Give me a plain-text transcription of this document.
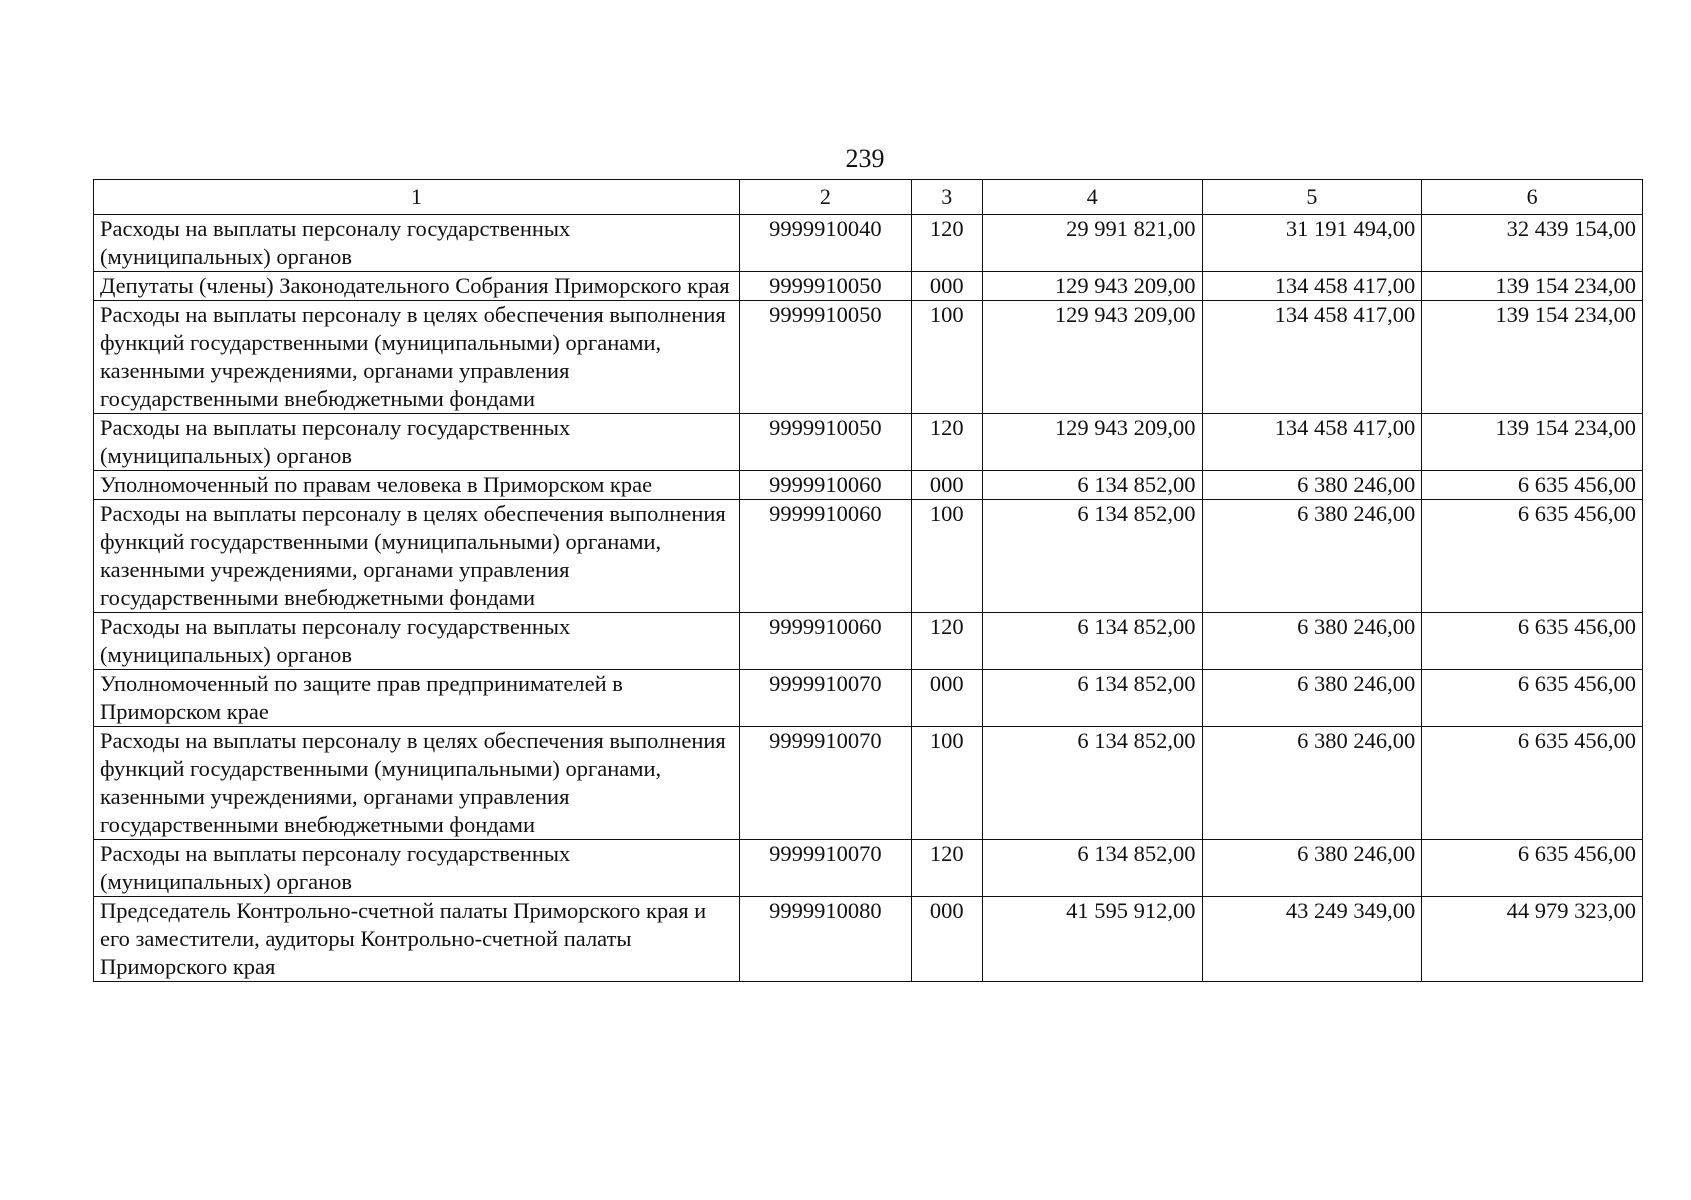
239
1	2	3	4	5	6
Расходы на выплаты персоналу государственных (муниципальных) органов	9999910040	120	29 991 821,00	31 191 494,00	32 439 154,00
Депутаты (члены) Законодательного Собрания Приморского края	9999910050	000	129 943 209,00	134 458 417,00	139 154 234,00
Расходы на выплаты персоналу в целях обеспечения выполнения функций государственными (муниципальными) органами, казенными учреждениями, органами управления государственными внебюджетными фондами	9999910050	100	129 943 209,00	134 458 417,00	139 154 234,00
Расходы на выплаты персоналу государственных (муниципальных) органов	9999910050	120	129 943 209,00	134 458 417,00	139 154 234,00
Уполномоченный по правам человека в Приморском крае	9999910060	000	6 134 852,00	6 380 246,00	6 635 456,00
Расходы на выплаты персоналу в целях обеспечения выполнения функций государственными (муниципальными) органами, казенными учреждениями, органами управления государственными внебюджетными фондами	9999910060	100	6 134 852,00	6 380 246,00	6 635 456,00
Расходы на выплаты персоналу государственных (муниципальных) органов	9999910060	120	6 134 852,00	6 380 246,00	6 635 456,00
Уполномоченный по защите прав предпринимателей в Приморском крае	9999910070	000	6 134 852,00	6 380 246,00	6 635 456,00
Расходы на выплаты персоналу в целях обеспечения выполнения функций государственными (муниципальными) органами, казенными учреждениями, органами управления государственными внебюджетными фондами	9999910070	100	6 134 852,00	6 380 246,00	6 635 456,00
Расходы на выплаты персоналу государственных (муниципальных) органов	9999910070	120	6 134 852,00	6 380 246,00	6 635 456,00
Председатель Контрольно-счетной палаты Приморского края и его заместители, аудиторы Контрольно-счетной палаты Приморского края	9999910080	000	41 595 912,00	43 249 349,00	44 979 323,00
